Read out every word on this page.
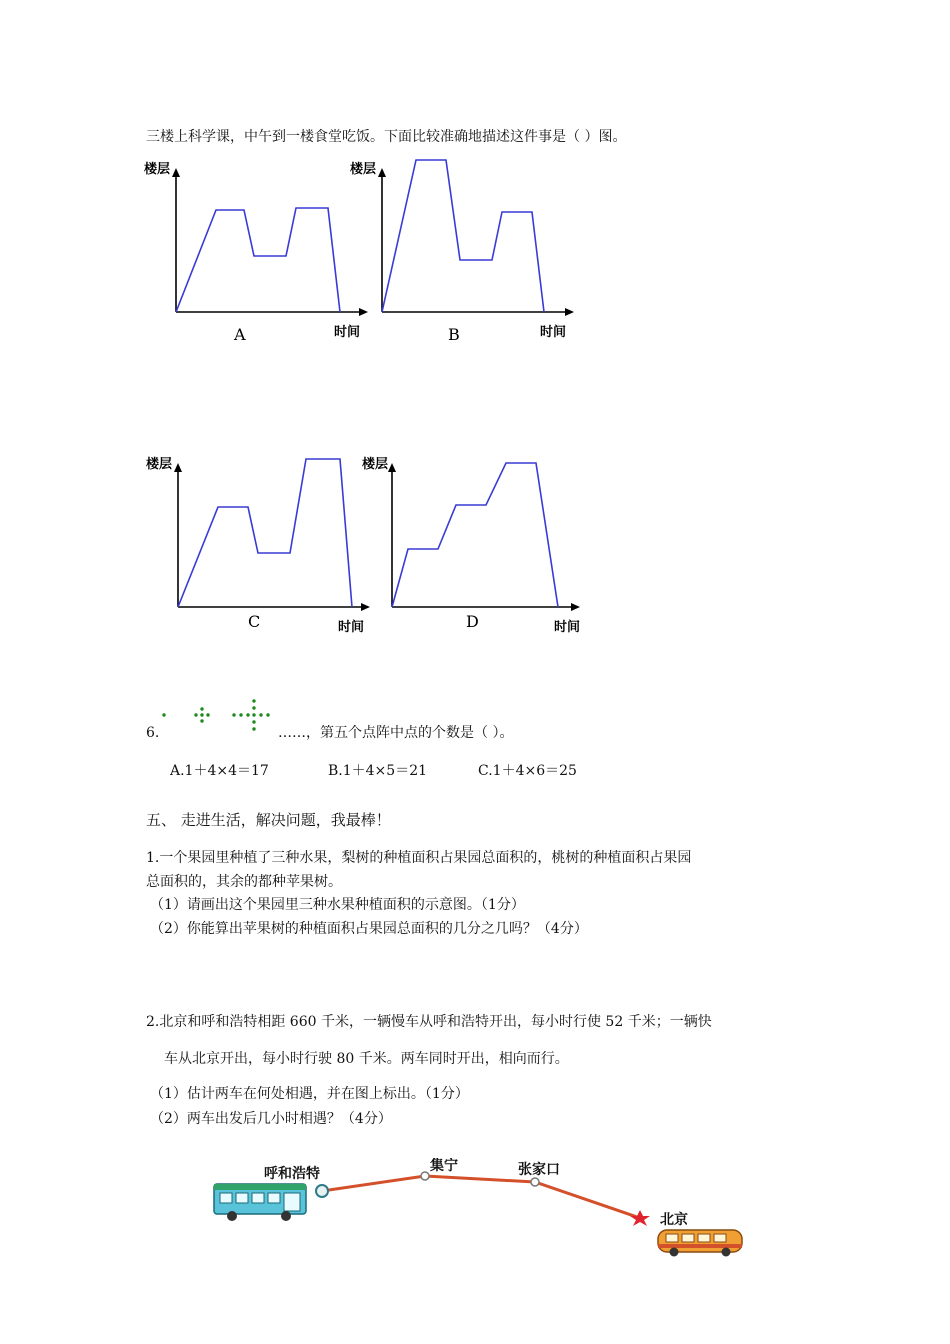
三楼上科学课，中午到一楼食堂吃饭。下面比较准确地描述这件事是（ ）图。
楼层
A	时间
楼层
B	时间
楼层
C	时间
楼层
D	时间
6.	……，第五个点阵中点的个数是（ ）。
A.1＋4×4＝17	B.1＋4×5＝21	C.1＋4×6＝25
五、 走进生活，解决问题，我最棒！
1.一个果园里种植了三种水果，梨树的种植面积占果园总面积的，桃树的种植面积占果园
总面积的，其余的都种苹果树。
（1）请画出这个果园里三种水果种植面积的示意图。（1分）
（2）你能算出苹果树的种植面积占果园总面积的几分之几吗？（4分）
2.北京和呼和浩特相距 660 千米，一辆慢车从呼和浩特开出，每小时行使 52 千米；一辆快
车从北京开出，每小时行驶 80 千米。两车同时开出，相向而行。
（1）估计两车在何处相遇，并在图上标出。（1分）
（2）两车出发后几小时相遇？（4分）
呼和浩特	集宁	张家口
北京
